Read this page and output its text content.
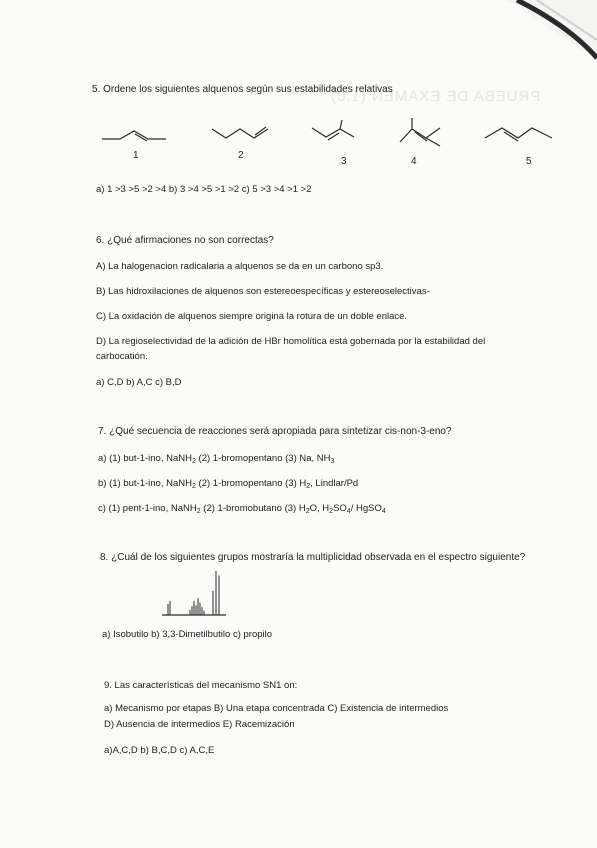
PRUEBA DE EXAMEN (1.0)
5. Ordene los siguientes alquenos según sus estabilidades relativas
1	2
3	4	5
a) 1 >3 >5 >2 >4 b) 3 >4 >5 >1 >2 c) 5 >3 >4 >1 >2
6. ¿Qué afirmaciones no son correctas?
A) La halogenacion radicalaria a alquenos se da en un carbono sp3.
B) Las hidroxilaciones de alquenos son estereoespecíficas y estereoselectivas-
C) La oxidación de alquenos siempre origina la rotura de un doble enlace.
D) La regioselectividad de la adición de HBr homolítica está gobernada por la estabilidad del
carbocatión.
a) C,D b) A,C c) B,D
7. ¿Qué secuencia de reacciones será apropiada para sintetizar cis-non-3-eno?
a) (1) but-1-ino, NaNH$_2$ (2) 1-bromopentano (3) Na, $NH_3$
b) (1) but-1-ino, NaNH$_2$ (2) 1-bromopentano (3) $H_2$, Lindlar/Pd
c) (1) pent-1-ino, NaNH$_2$ (2) 1-bromobutano (3) $H_2O$, $H_2SO_4/$ HgSO$_4$
8. ¿Cuál de los siguientes grupos mostraría la multiplicidad observada en el espectro siguiente?
a) Isobutilo b) 3,3-Dimetilbutilo c) propilo
9. Las características del mecanismo SN1 on:
a) Mecanismo por etapas B) Una etapa concentrada C) Existencia de intermedios
D) Ausencia de intermedios E) Racemización
a)A,C,D b) B,C,D c) A,C,E
